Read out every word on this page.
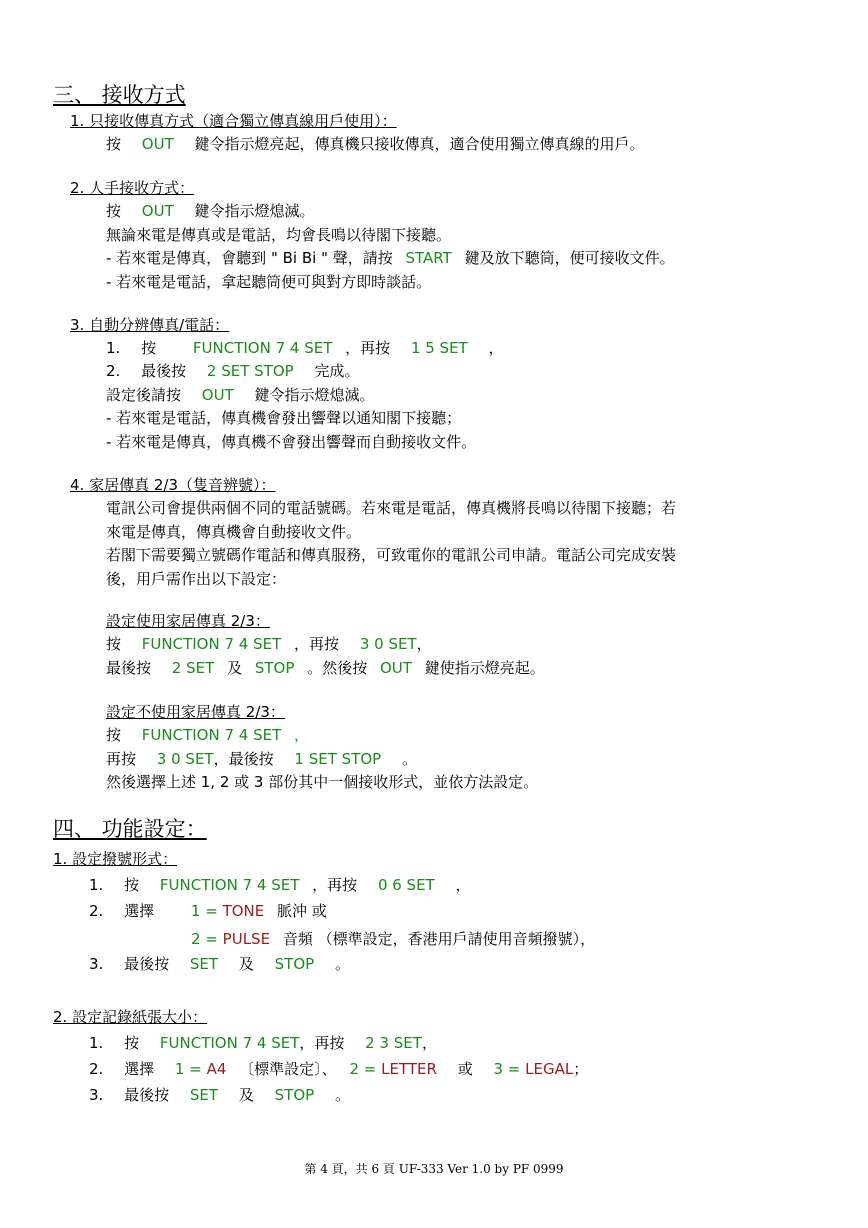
三、 接收方式
1. 只接收傳真方式（適合獨立傳真線用戶使用）：
按 OUT 鍵令指示燈亮起，傳真機只接收傳真，適合使用獨立傳真線的用戶。
2. 人手接收方式：
按 OUT 鍵令指示燈熄滅。
無論來電是傳真或是電話，均會長鳴以待閣下接聽。
- 若來電是傳真，會聽到 " Bi Bi " 聲，請按 START 鍵及放下聽筒，便可接收文件。
- 若來電是電話，拿起聽筒便可與對方即時談話。
3. 自動分辨傳真/電話：
1. 按 FUNCTION 7 4 SET ，再按 1 5 SET ，
2. 最後按 2 SET STOP 完成。
設定後請按 OUT 鍵令指示燈熄滅。
- 若來電是電話，傳真機會發出響聲以通知閣下接聽；
- 若來電是傳真，傳真機不會發出響聲而自動接收文件。
4. 家居傳真 2/3（隻音辨號）：
電訊公司會提供兩個不同的電話號碼。若來電是電話，傳真機將長鳴以待閣下接聽；若
來電是傳真，傳真機會自動接收文件。
若閣下需要獨立號碼作電話和傳真服務，可致電你的電訊公司申請。電話公司完成安裝
後，用戶需作出以下設定：
設定使用家居傳真 2/3：
按 FUNCTION 7 4 SET ，再按 3 0 SET，
最後按 2 SET 及 STOP 。然後按 OUT 鍵使指示燈亮起。
設定不使用家居傳真 2/3：
按 FUNCTION 7 4 SET ，
再按 3 0 SET，最後按 1 SET STOP 。
然後選擇上述 1, 2 或 3 部份其中一個接收形式，並依方法設定。
四、 功能設定：
1. 設定撥號形式：
1. 按 FUNCTION 7 4 SET ，再按 0 6 SET ，
2. 選擇 1 = TONE 脈沖 或
2 = PULSE 音頻 （標準設定，香港用戶請使用音頻撥號），
3. 最後按 SET 及 STOP 。
2. 設定記錄紙張大小：
1. 按 FUNCTION 7 4 SET，再按 2 3 SET，
2. 選擇 1 = A4 〔標準設定〕、 2 = LETTER 或 3 = LEGAL；
3. 最後按 SET 及 STOP 。
第 4 頁，共 6 頁 UF-333 Ver 1.0 by PF 0999
